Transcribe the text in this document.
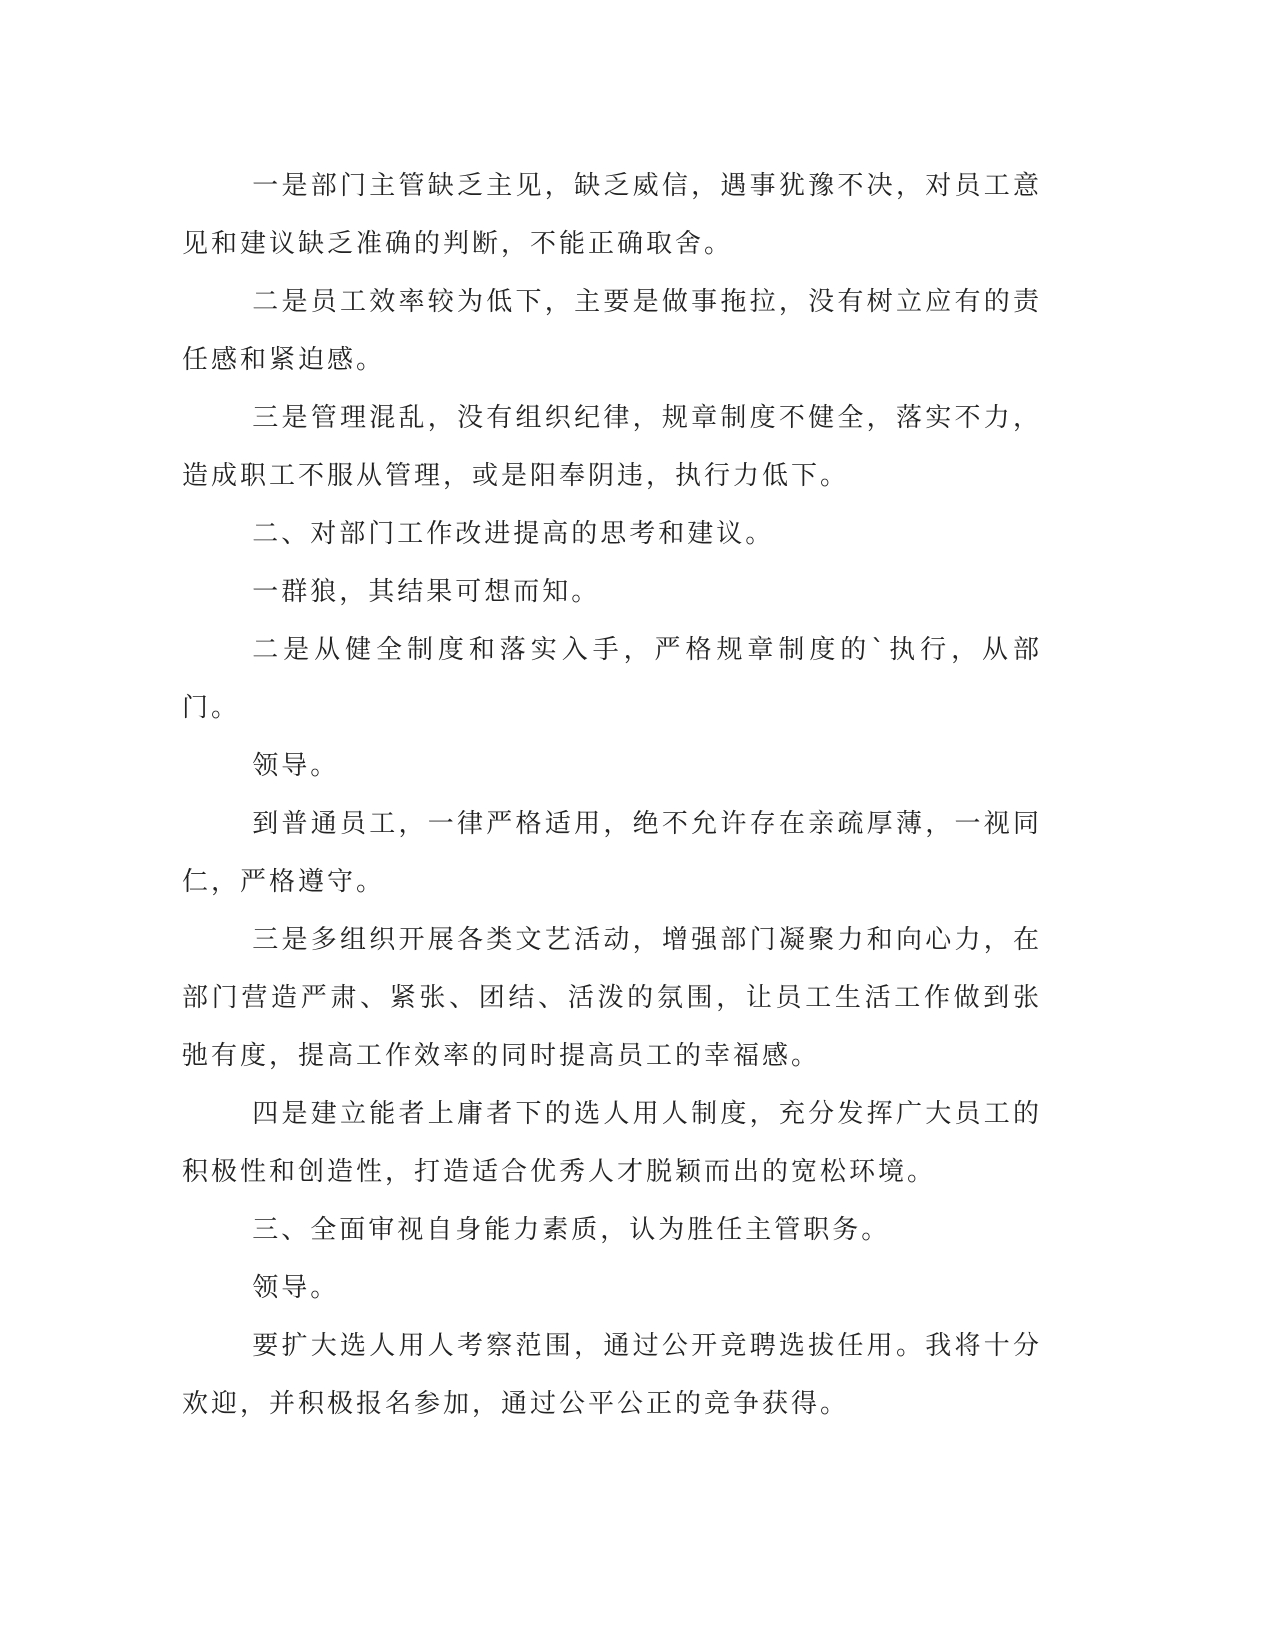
一是部门主管缺乏主见，缺乏威信，遇事犹豫不决，对员工意见和建议缺乏准确的判断，不能正确取舍。

二是员工效率较为低下，主要是做事拖拉，没有树立应有的责任感和紧迫感。

三是管理混乱，没有组织纪律，规章制度不健全，落实不力，造成职工不服从管理，或是阳奉阴违，执行力低下。

二、对部门工作改进提高的思考和建议。

一群狼，其结果可想而知。

二是从健全制度和落实入手，严格规章制度的`执行，从部门。

领导。

到普通员工，一律严格适用，绝不允许存在亲疏厚薄，一视同仁，严格遵守。

三是多组织开展各类文艺活动，增强部门凝聚力和向心力，在部门营造严肃、紧张、团结、活泼的氛围，让员工生活工作做到张弛有度，提高工作效率的同时提高员工的幸福感。

四是建立能者上庸者下的选人用人制度，充分发挥广大员工的积极性和创造性，打造适合优秀人才脱颖而出的宽松环境。

三、全面审视自身能力素质，认为胜任主管职务。

领导。

要扩大选人用人考察范围，通过公开竞聘选拔任用。我将十分欢迎，并积极报名参加，通过公平公正的竞争获得。
